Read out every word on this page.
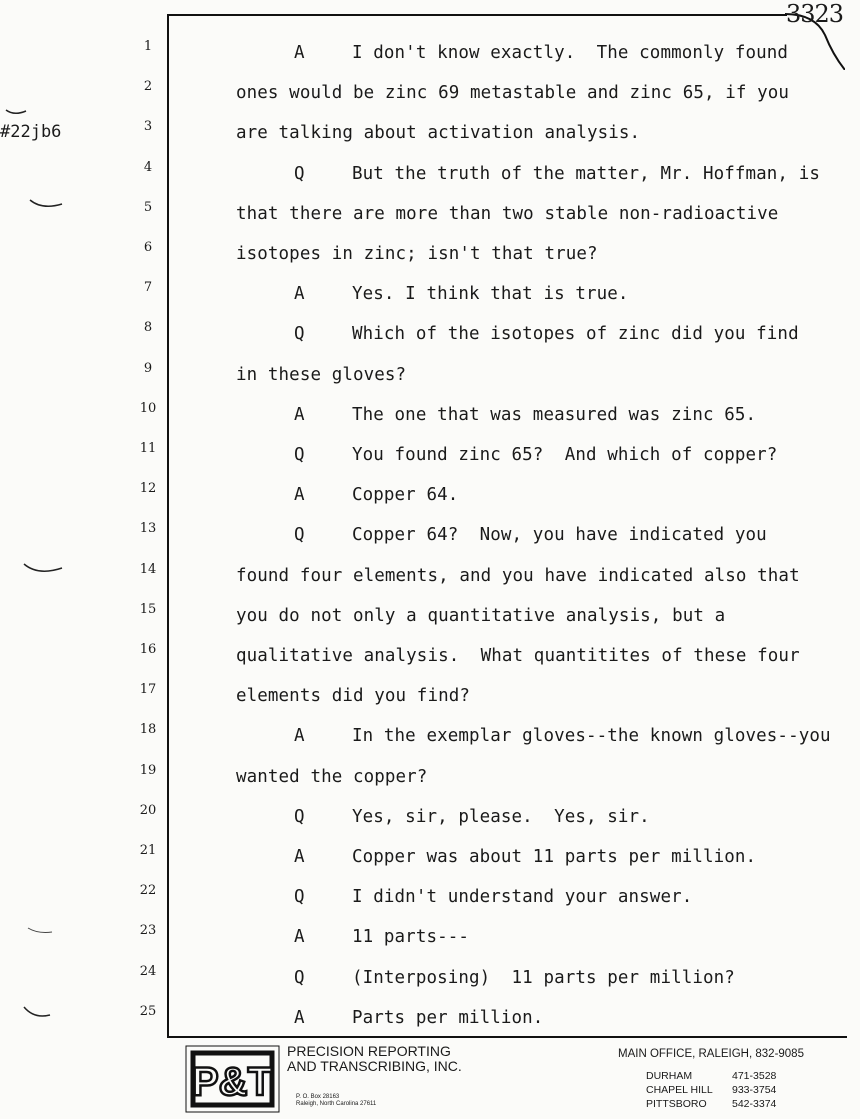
3323
#22jb6
1	A	I don't know exactly.  The commonly found
2	ones would be zinc 69 metastable and zinc 65, if you
3	are talking about activation analysis.
4	Q	But the truth of the matter, Mr. Hoffman, is
5	that there are more than two stable non-radioactive
6	isotopes in zinc; isn't that true?
7	A	Yes. I think that is true.
8	Q	Which of the isotopes of zinc did you find
9	in these gloves?
10	A	The one that was measured was zinc 65.
11	Q	You found zinc 65?  And which of copper?
12	A	Copper 64.
13	Q	Copper 64?  Now, you have indicated you
14	found four elements, and you have indicated also that
15	you do not only a quantitative analysis, but a
16	qualitative analysis.  What quantitites of these four
17	elements did you find?
18	A	In the exemplar gloves--the known gloves--you
19	wanted the copper?
20	Q	Yes, sir, please.  Yes, sir.
21	A	Copper was about 11 parts per million.
22	Q	I didn't understand your answer.
23	A	11 parts---
24	Q	(Interposing)  11 parts per million?
25	A	Parts per million.
P&T
PRECISION REPORTING
AND TRANSCRIBING, INC.
P. O. Box 28163
Raleigh, North Carolina 27611
MAIN OFFICE, RALEIGH, 832-9085
DURHAM	471-3528
CHAPEL HILL 933-3754
PITTSBORO 542-3374
